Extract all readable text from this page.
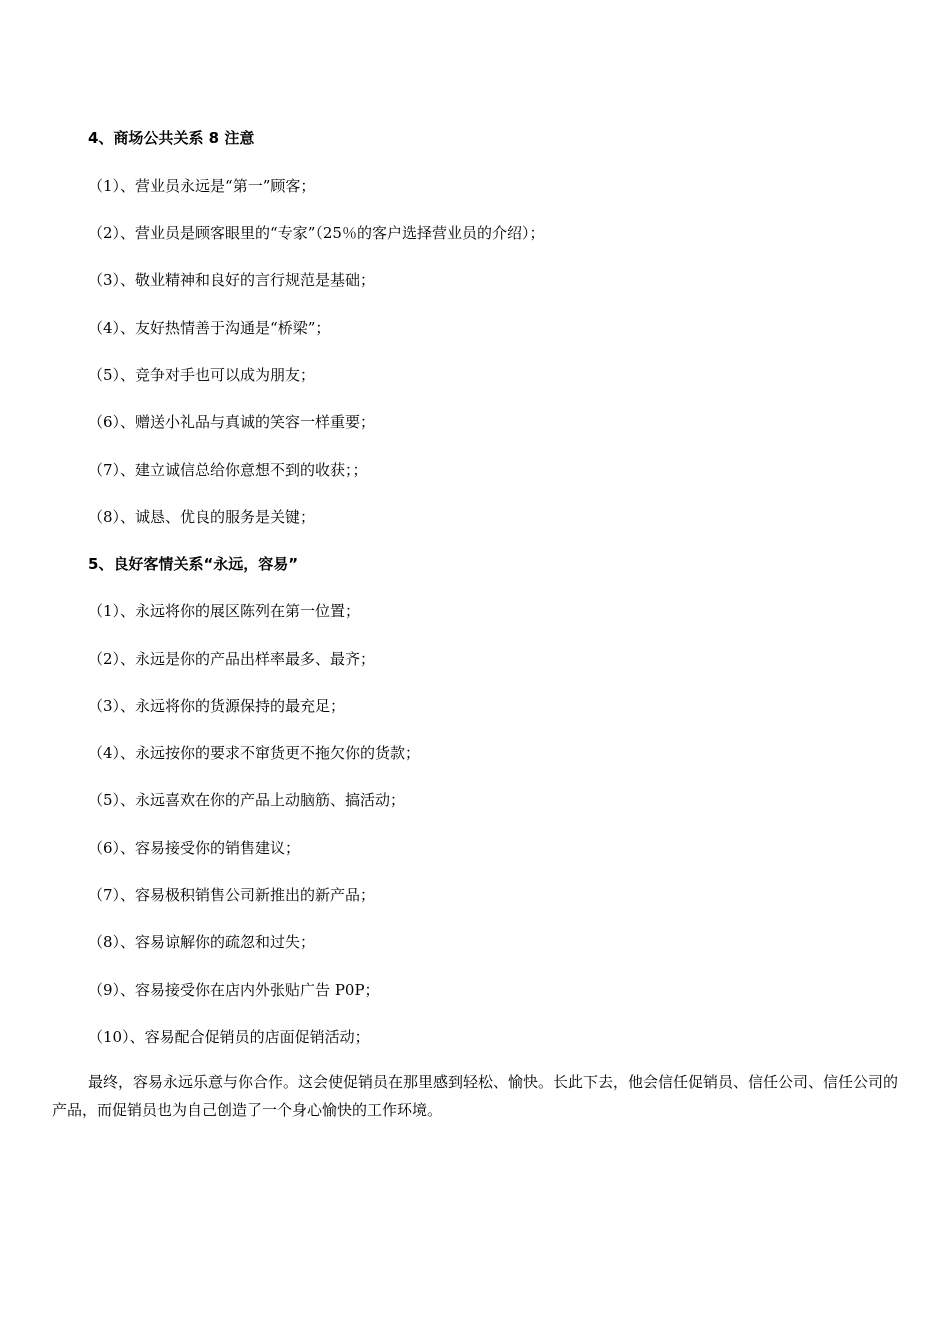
4、商场公共关系 8 注意
（1）、营业员永远是“第一”顾客；
（2）、营业员是顾客眼里的“专家”（25％的客户选择营业员的介绍）；
（3）、敬业精神和良好的言行规范是基础；
（4）、友好热情善于沟通是“桥梁”；
（5）、竞争对手也可以成为朋友；
（6）、赠送小礼品与真诚的笑容一样重要；
（7）、建立诚信总给你意想不到的收获；；
（8）、诚恳、优良的服务是关键；
5、良好客情关系“永远，容易”
（1）、永远将你的展区陈列在第一位置；
（2）、永远是你的产品出样率最多、最齐；
（3）、永远将你的货源保持的最充足；
（4）、永远按你的要求不窜货更不拖欠你的货款；
（5）、永远喜欢在你的产品上动脑筋、搞活动；
（6）、容易接受你的销售建议；
（7）、容易极积销售公司新推出的新产品；
（8）、容易谅解你的疏忽和过失；
（9）、容易接受你在店内外张贴广告 P0P；
（10）、容易配合促销员的店面促销活动；
最终，容易永远乐意与你合作。这会使促销员在那里感到轻松、愉快。长此下去，他会信任促销员、信任公司、信任公司的产品，而促销员也为自己创造了一个身心愉快的工作环境。
